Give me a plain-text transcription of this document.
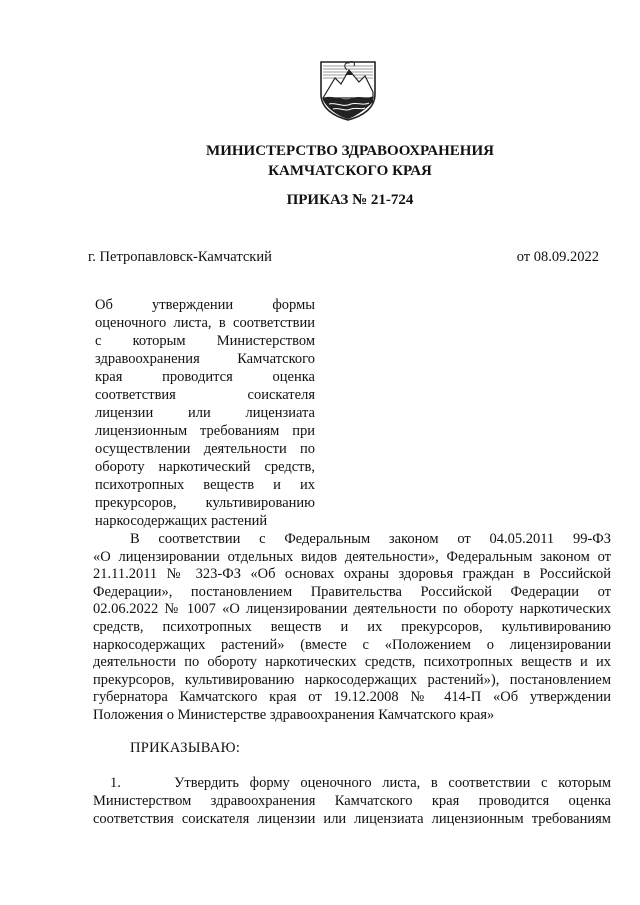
МИНИСТЕРСТВО ЗДРАВООХРАНЕНИЯ
КАМЧАТСКОГО КРАЯ
ПРИКАЗ № 21-724
г. Петропавловск-Камчатский	от 08.09.2022
Об утверждении формы
оценочного листа, в соответствии
с которым Министерством
здравоохранения Камчатского
края проводится оценка
соответствия соискателя
лицензии или лицензиата
лицензионным требованиям при
осуществлении деятельности по
обороту наркотический средств,
психотропных веществ и их
прекурсоров, культивированию
наркосодержащих растений
В соответствии с Федеральным законом от 04.05.2011 99-ФЗ
«О лицензировании отдельных видов деятельности», Федеральным законом от
21.11.2011 № 323-ФЗ «Об основах охраны здоровья граждан в Российской
Федерации», постановлением Правительства Российской Федерации от
02.06.2022 № 1007 «О лицензировании деятельности по обороту наркотических
средств, психотропных веществ и их прекурсоров, культивированию
наркосодержащих растений» (вместе с «Положением о лицензировании
деятельности по обороту наркотических средств, психотропных веществ и их
прекурсоров, культивированию наркосодержащих растений»), постановлением
губернатора Камчатского края от 19.12.2008 № 414-П «Об утверждении
Положения о Министерстве здравоохранения Камчатского края»
ПРИКАЗЫВАЮ:
1.	Утвердить форму оценочного листа, в соответствии с которым
Министерством здравоохранения Камчатского края проводится оценка
соответствия соискателя лицензии или лицензиата лицензионным требованиям
